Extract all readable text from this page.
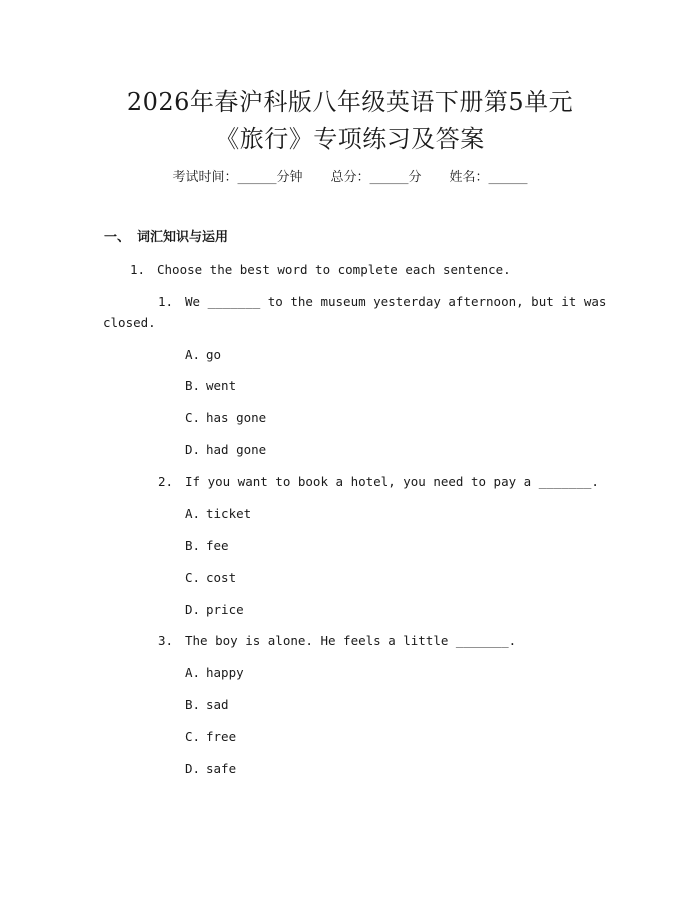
2026年春沪科版八年级英语下册第5单元
《旅行》专项练习及答案
考试时间：______分钟 总分：______分 姓名：______
一、 词汇知识与运用
1. Choose the best word to complete each sentence.
1. We _______ to the museum yesterday afternoon, but it was
closed.
A. go
B. went
C. has gone
D. had gone
2. If you want to book a hotel, you need to pay a _______.
A. ticket
B. fee
C. cost
D. price
3. The boy is alone. He feels a little _______.
A. happy
B. sad
C. free
D. safe
